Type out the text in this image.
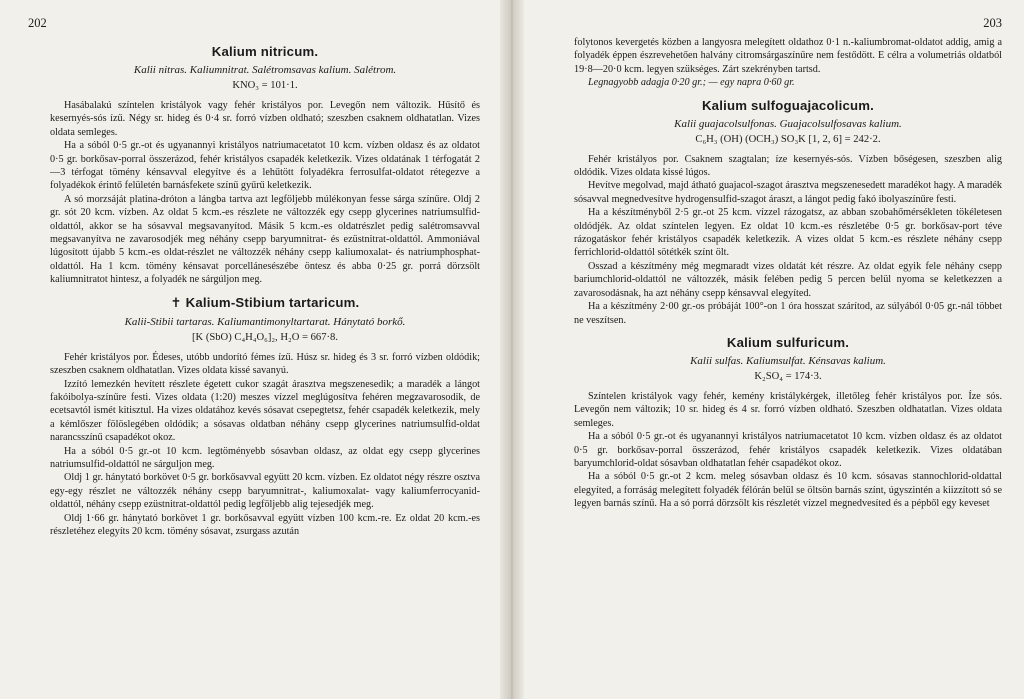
202
Kalium nitricum.
Kalii nitras. Kaliumnitrat. Salétromsavas kalium. Salétrom.
KNO₃ = 101·1.

Hasábalakú színtelen kristályok vagy fehér kristályos por. Levegőn nem változik. Hűsítő és kesernyés-sós ízű. Négy sr. hideg és 0·4 sr. forró vízben oldható; szeszben csaknem oldhatatlan. Vizes oldata semleges.

Ha a sóból 0·5 gr.-ot és ugyanannyi kristályos natriumacetatot 10 kcm. vízben oldasz és az oldatot 0·5 gr. borkősav-porral összerázod, fehér kristályos csapadék keletkezik. Vizes oldatának 1 térfogatát 2—3 térfogat tömény kénsavval elegyítve és a lehűtött folyadékra ferrosulfat-oldatot rétegezve a folyadékok érintő felületén barnásfekete színű gyűrű keletkezik.

A só morzsáját platina-dróton a lángba tartva azt legföljebb múlékonyan fesse sárga színűre. Oldj 2 gr. sót 20 kcm. vízben. Az oldat 5 kcm.-es részlete ne változzék egy csepp glycerines natriumsulfid-oldattól, akkor se ha sósavval megsavanyítod. Másik 5 kcm.-es oldatrészlet pedig salétromsavval megsavanyítva ne zavarosodjék meg néhány csepp baryumnitrat- és ezüstnitrat-oldattól. Ammoniával lúgosított újabb 5 kcm.-es oldat-részlet ne változzék néhány csepp kaliumoxalat- és natriumphosphat-oldattól. Ha 1 kcm. tömény kénsavat porcellánesészébe öntesz és abba 0·25 gr. porrá dörzsölt kaliumnitratot hintesz, a folyadék ne sárgúljon meg.

✝ Kalium-Stibium tartaricum.
Kalii-Stibii tartaras. Kaliumantimonyltartarat. Hánytató borkő.
[K (SbO) C₄H₄O₆]₂, H₂O = 667·8.

Fehér kristályos por. Édeses, utóbb undorító fémes ízű. Húsz sr. hideg és 3 sr. forró vízben oldódik; szeszben csaknem oldhatatlan. Vizes oldata kissé savanyú.

Izzító lemezkén hevített részlete égetett cukor szagát árasztva megszenesedik; a maradék a lángot fakóibolya-színűre festi. Vizes oldata (1:20) meszes vízzel meglúgosítva fehéren megzavarosodik, de ecetsavtól ismét kitisztul. Ha vizes oldatához kevés sósavat csepegtetsz, fehér csapadék keletkezik, mely a kémlőszer fölöslegében oldódik; a sósavas oldatban néhány csepp glycerines natriumsulfid-oldat narancsszínű csapadékot okoz.

Ha a sóból 0·5 gr.-ot 10 kcm. legtöményebb sósavban oldasz, az oldat egy csepp glycerines natriumsulfid-oldattól ne sárguljon meg.

Oldj 1 gr. hánytató borkövet 0·5 gr. borkősavval együtt 20 kcm. vízben. Ez oldatot négy részre osztva egy-egy részlet ne változzék néhány csepp baryumnitrat-, kaliumoxalat- vagy kaliumferrocyanid-oldattól, néhány csepp ezüstnitrat-oldattól pedig legföljebb alig tejesedjék meg.

Oldj 1·66 gr. hánytató borkövet 1 gr. borkősavval együtt vízben 100 kcm.-re. Ez oldat 20 kcm.-es részletéhez elegyíts 20 kcm. tömény sósavat, zsurgass azután

203

folytonos kevergetés közben a langyosra melegített oldathoz 0·1 n.-kaliumbromat-oldatot addig, amig a folyadék éppen észrevehetően halvány citromsárgaszínűre nem festődött. E célra a volumetriás oldatból 19·8—20·0 kcm. legyen szükséges. Zárt szekrényben tartsd.

Legnagyobb adagja 0·20 gr.; — egy napra 0·60 gr.

Kalium sulfoguajacolicum.
Kalii guajacolsulfonas. Guajacolsulfosavas kalium.
C₆H₃ (OH) (OCH₃) SO₃K [1, 2, 6] = 242·2.

Fehér kristályos por. Csaknem szagtalan; íze kesernyés-sós. Vízben bőségesen, szeszben alig oldódik. Vizes oldata kissé lúgos.

Hevítve megolvad, majd átható guajacol-szagot árasztva megszenesedett maradékot hagy. A maradék sósavval megnedvesítve hydrogensulfid-szagot áraszt, a lángot pedig fakó ibolyaszínűre festi.

Ha a készítményből 2·5 gr.-ot 25 kcm. vízzel rázogatsz, az abban szobahőmérsékleten tökéletesen oldódjék. Az oldat színtelen legyen. Ez oldat 10 kcm.-es részletébe 0·5 gr. borkősav-port téve rázogatáskor fehér kristályos csapadék keletkezik. A vizes oldat 5 kcm.-es részlete néhány csepp ferrichlorid-oldattól sötétkék színt ölt.

Osszad a készítmény még megmaradt vizes oldatát két részre. Az oldat egyik fele néhány csepp bariumchlorid-oldattól ne változzék, másik felében pedig 5 percen belül nyoma se keletkezzen a zavarosodásnak, ha azt néhány csepp kénsavval elegyíted.

Ha a készítmény 2·00 gr.-os próbáját 100°-on 1 óra hosszat szárítod, az súlyából 0·05 gr.-nál többet ne veszítsen.

Kalium sulfuricum.
Kalii sulfas. Kaliumsulfat. Kénsavas kalium.
K₂SO₄ = 174·3.

Színtelen kristályok vagy fehér, kemény kristálykérgek, illetőleg fehér kristályos por. Íze sós. Levegőn nem változik; 10 sr. hideg és 4 sr. forró vízben oldható. Szeszben oldhatatlan. Vizes oldata semleges.

Ha a sóból 0·5 gr.-ot és ugyanannyi kristályos natriumacetatot 10 kcm. vízben oldasz és az oldatot 0·5 gr. borkősav-porral összerázod, fehér kristályos csapadék keletkezik. Vizes oldatában baryumchlorid-oldat sósavban oldhatatlan fehér csapadékot okoz.

Ha a sóból 0·5 gr.-ot 2 kcm. meleg sósavban oldasz és 10 kcm. sósavas stannochlorid-oldattal elegyíted, a forráság melegített folyadék félórán belül se öltsön barnás színt, úgyszintén a kiizzított só se legyen barnás színű. Ha a só porrá dörzsölt kis részletét vízzel megnedvesíted és a pépből egy keveset
